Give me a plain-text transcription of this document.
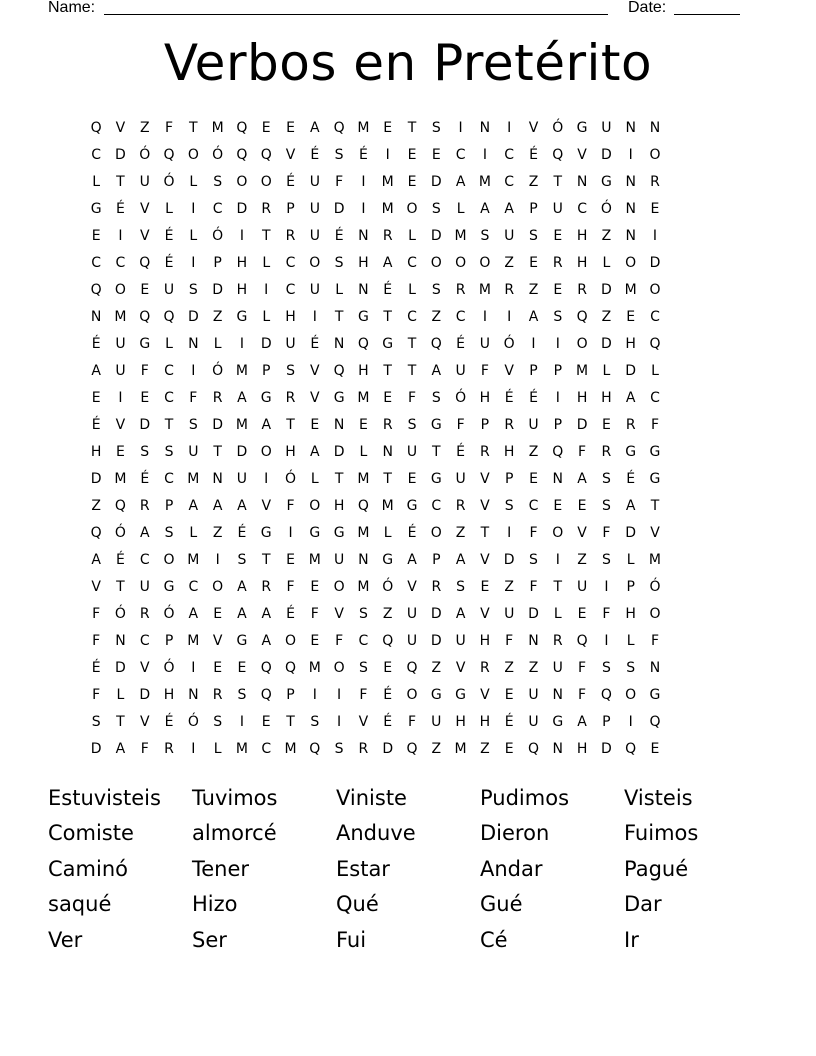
Name:	Date:
Verbos en Pretérito
Q	V	Z	F	T M Q	E	E	A Q M E	T	S	I	N	I	V Ó G U N N
C	D Ó Q O Ó Q Q	V	É	S	É	I	E	E	C	I	C	É	Q	V	D	I	O
L	T	U Ó	L	S	O O	É	U	F	I	M E	D	A M C	Z	T	N G N	R
G	É	V	L	I	C	D	R	P	U D	I	M O	S	L	A	A	P	U	C Ó N	E
E	I	V	É	L	Ó	I	T	R	U	É	N	R	L	D M S	U	S	E	H	Z	N	I
C	C Q	É	I	P	H	L	C O	S	H	A	C O O O Z	E	R	H	L	O D
Q O	E	U	S	D H	I	C	U	L	N	É	L	S	R M R	Z	E	R	D M O
N M Q Q D	Z	G	L	H	I	T	G	T	C	Z	C	I	I	A	S	Q Z	E	C
É	U G	L	N	L	I	D U	É	N Q G	T	Q	É	U Ó	I	I	O D H Q
A	U	F	C	I	Ó M	P	S	V Q H	T	T	A	U	F	V	P	P	M	L	D	L
E	I	E	C	F	R	A	G	R	V	G M E	F	S	Ó H	É	É	I	H H	A	C
É	V	D	T	S	D M A	T	E	N	E	R	S	G	F	P	R	U	P	D	E	R	F
H	E	S	S	U	T	D O H	A	D	L	N U	T	É	R	H	Z Q	F	R	G G
D M É	C M N U	I	Ó	L	T M T	E	G U	V	P	E	N	A	S	É	G
Z Q R	P	A	A	A	V	F	O H Q M G C	R	V	S	C	E	E	S	A	T
Q Ó	A	S	L	Z	É	G	I	G G M	L	É	O Z	T	I	F	O	V	F	D	V
A	É	C O M	I	S	T	E M U N G	A	P	A	V	D	S	I	Z	S	L	M
V	T	U G C O	A	R	F	E	O M Ó	V	R	S	E	Z	F	T	U	I	P	Ó
F	Ó R Ó	A	E	A	A	É	F	V	S	Z	U D	A	V	U D	L	E	F	H O
F	N	C	P	M V	G	A O	E	F	C Q U D U H	F	N	R Q	I	L	F
É	D	V Ó	I	E	E	Q Q M O	S	E	Q Z	V	R	Z	Z	U	F	S	S	N
F	L	D H N	R	S	Q	P	I	I	F	É	O G G	V	E	U N	F	Q O G
S	T	V	É	Ó	S	I	E	T	S	I	V	É	F	U H H	É	U G	A	P	I	Q
D	A	F	R	I	L	M C M Q	S	R	D Q Z M Z	E	Q N H D Q	E
Estuvisteis	Tuvimos	Viniste	Pudimos	Visteis
Comiste	almorcé	Anduve	Dieron	Fuimos
Caminó	Tener	Estar	Andar	Pagué
saqué	Hizo	Qué	Gué	Dar
Ver	Ser	Fui	Cé	Ir
